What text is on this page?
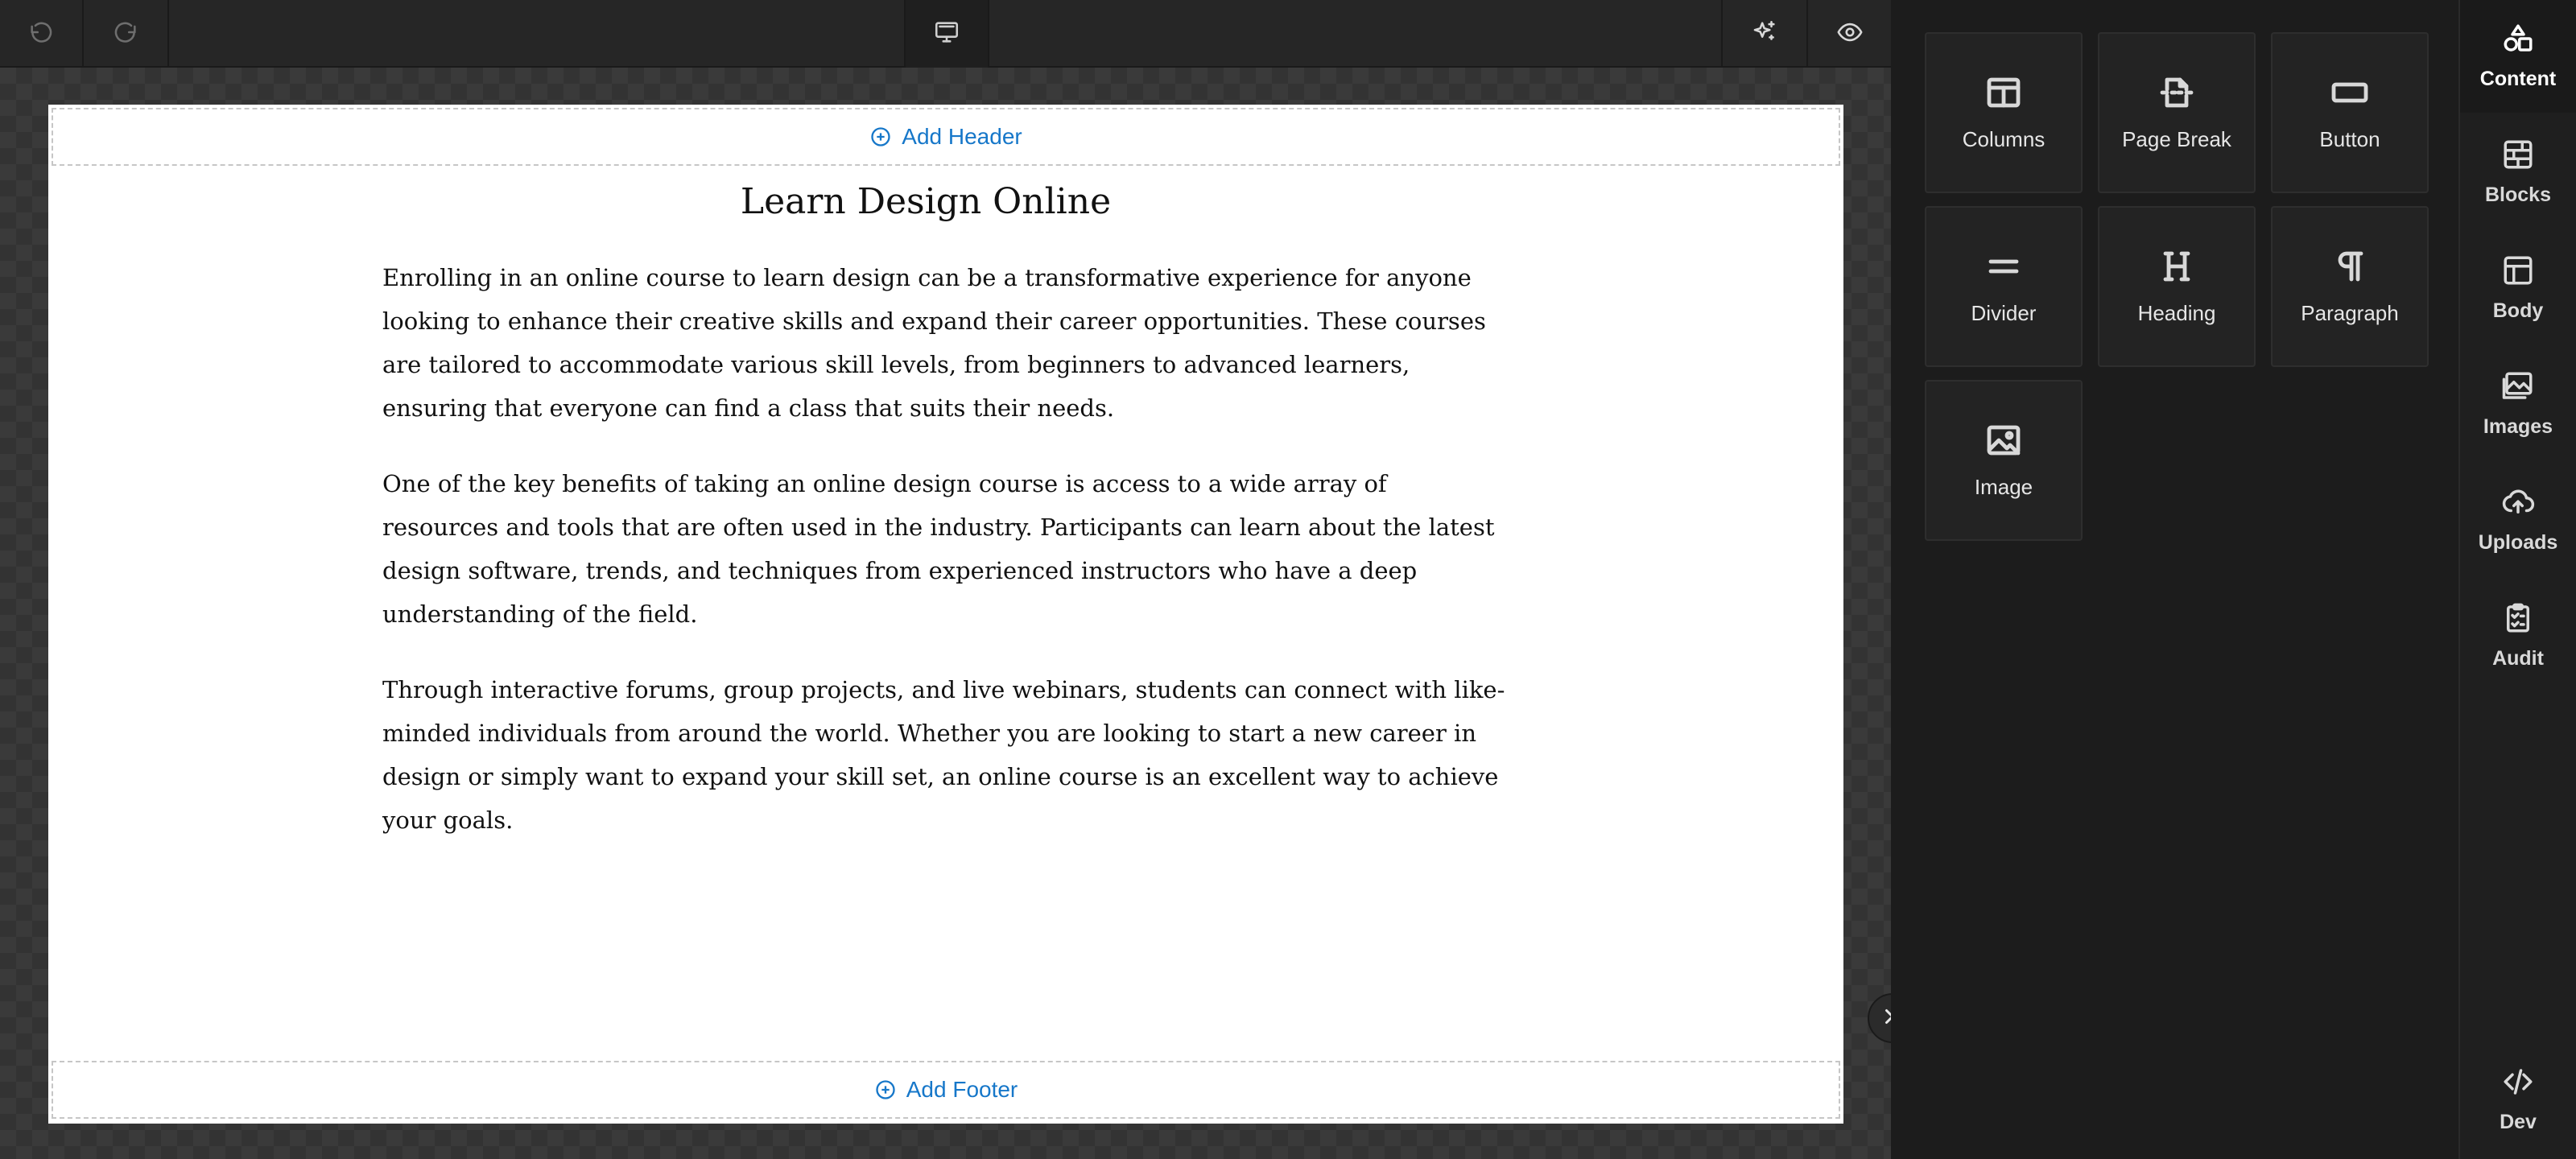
Add Header
Learn Design Online

Enrolling in an online course to learn design can be a transformative experience for anyone looking to enhance their creative skills and expand their career opportunities. These courses are tailored to accommodate various skill levels, from beginners to advanced learners, ensuring that everyone can find a class that suits their needs.

One of the key benefits of taking an online design course is access to a wide array of resources and tools that are often used in the industry. Participants can learn about the latest design software, trends, and techniques from experienced instructors who have a deep understanding of the field.

Through interactive forums, group projects, and live webinars, students can connect with like-minded individuals from around the world. Whether you are looking to start a new career in design or simply want to expand your skill set, an online course is an excellent way to achieve your goals.

Add Footer
Columns	Page Break	Button
Divider	Heading	Paragraph
Image
Content
Blocks
Body
Images
Uploads
Audit
Dev
